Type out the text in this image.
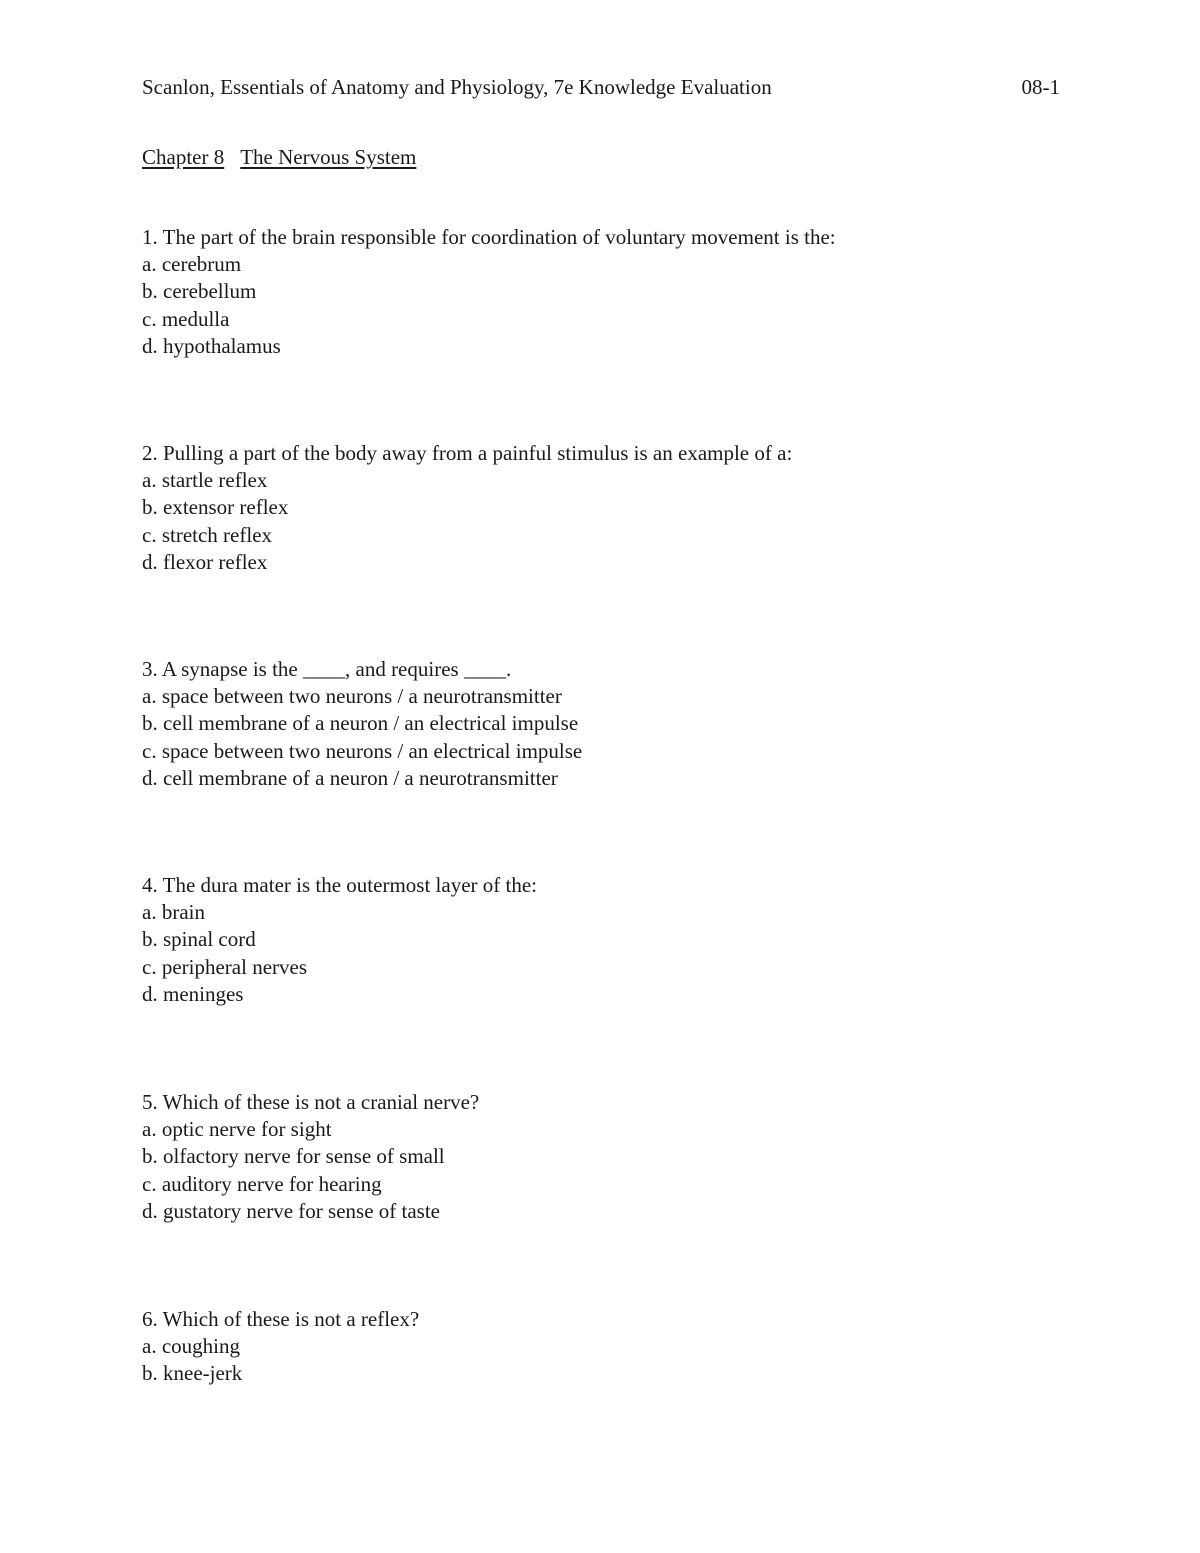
Scanlon, Essentials of Anatomy and Physiology, 7e Knowledge Evaluation	08-1
Chapter 8 The Nervous System
1. The part of the brain responsible for coordination of voluntary movement is the:
a. cerebrum
b. cerebellum
c. medulla
d. hypothalamus
2. Pulling a part of the body away from a painful stimulus is an example of a:
a. startle reflex
b. extensor reflex
c. stretch reflex
d. flexor reflex
3. A synapse is the ____, and requires ____.
a. space between two neurons / a neurotransmitter
b. cell membrane of a neuron / an electrical impulse
c. space between two neurons / an electrical impulse
d. cell membrane of a neuron / a neurotransmitter
4. The dura mater is the outermost layer of the:
a. brain
b. spinal cord
c. peripheral nerves
d. meninges
5. Which of these is not a cranial nerve?
a. optic nerve for sight
b. olfactory nerve for sense of small
c. auditory nerve for hearing
d. gustatory nerve for sense of taste
6. Which of these is not a reflex?
a. coughing
b. knee-jerk
